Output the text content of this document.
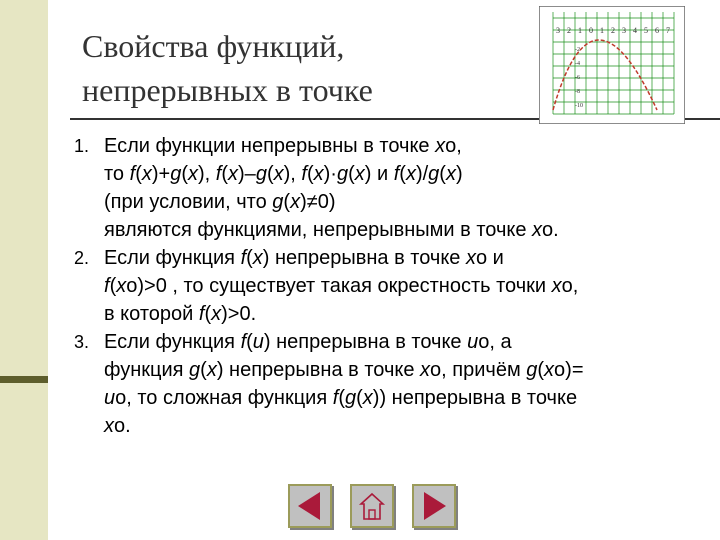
Свойства функций,
непрерывных в точке
3 2 1 0 1 2 3 4 5 6 7
-2
-4
-6
-8
-10
1. Если функции непрерывны в точке xо,
то f(x)+g(x), f(x)–g(x), f(x)·g(x) и f(x)/g(x)
(при условии, что g(x)≠0)
являются функциями, непрерывными в точке xо.
2. Если функция f(x) непрерывна в точке xо и
f(xо)>0 , то существует такая окрестность точки xо,
в которой f(x)>0.
3. Если функция f(u) непрерывна в точке uо, а
функция g(x) непрерывна в точке xо, причём g(xо)=
uо, то сложная функция f(g(x)) непрерывна в точке
xо.
